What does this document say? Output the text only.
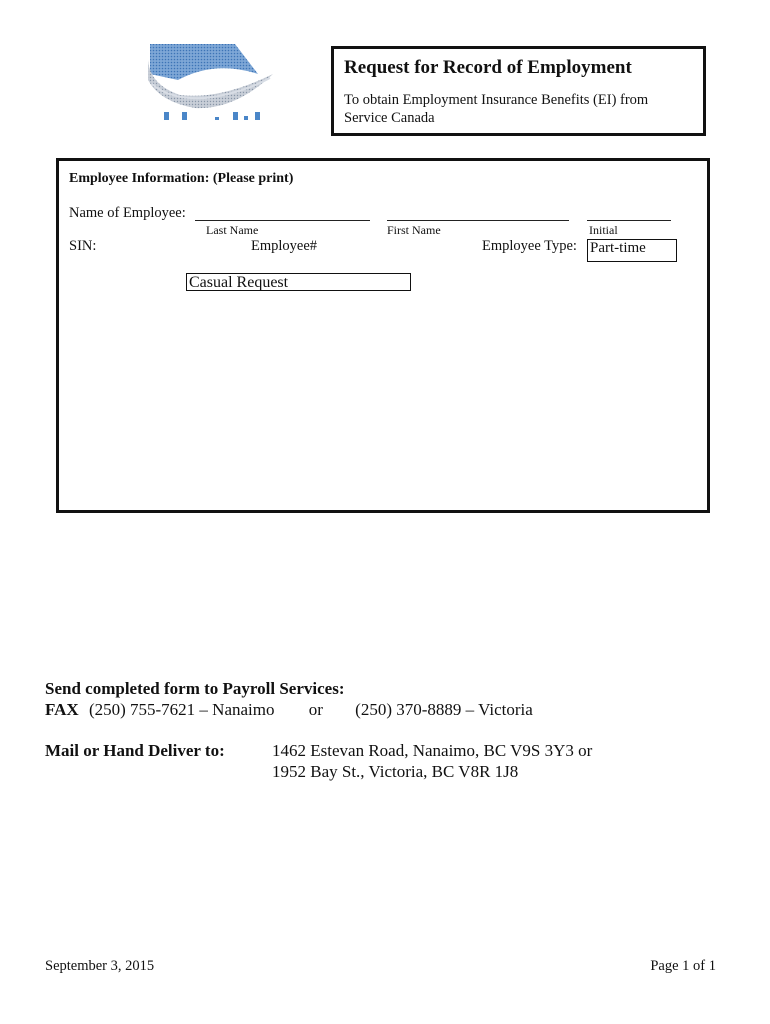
Request for Record of Employment
To obtain Employment Insurance Benefits (EI) from Service Canada
Employee Information: (Please print)
Name of Employee:
Last Name	First Name	Initial
SIN:	Employee#	Employee Type: Part-time
Casual Request
Send completed form to Payroll Services:
FAX (250) 755-7621 – Nanaimo or (250) 370-8889 – Victoria
Mail or Hand Deliver to:	1462 Estevan Road, Nanaimo, BC V9S 3Y3 or
1952 Bay St., Victoria, BC V8R 1J8
September 3, 2015	Page 1 of 1
